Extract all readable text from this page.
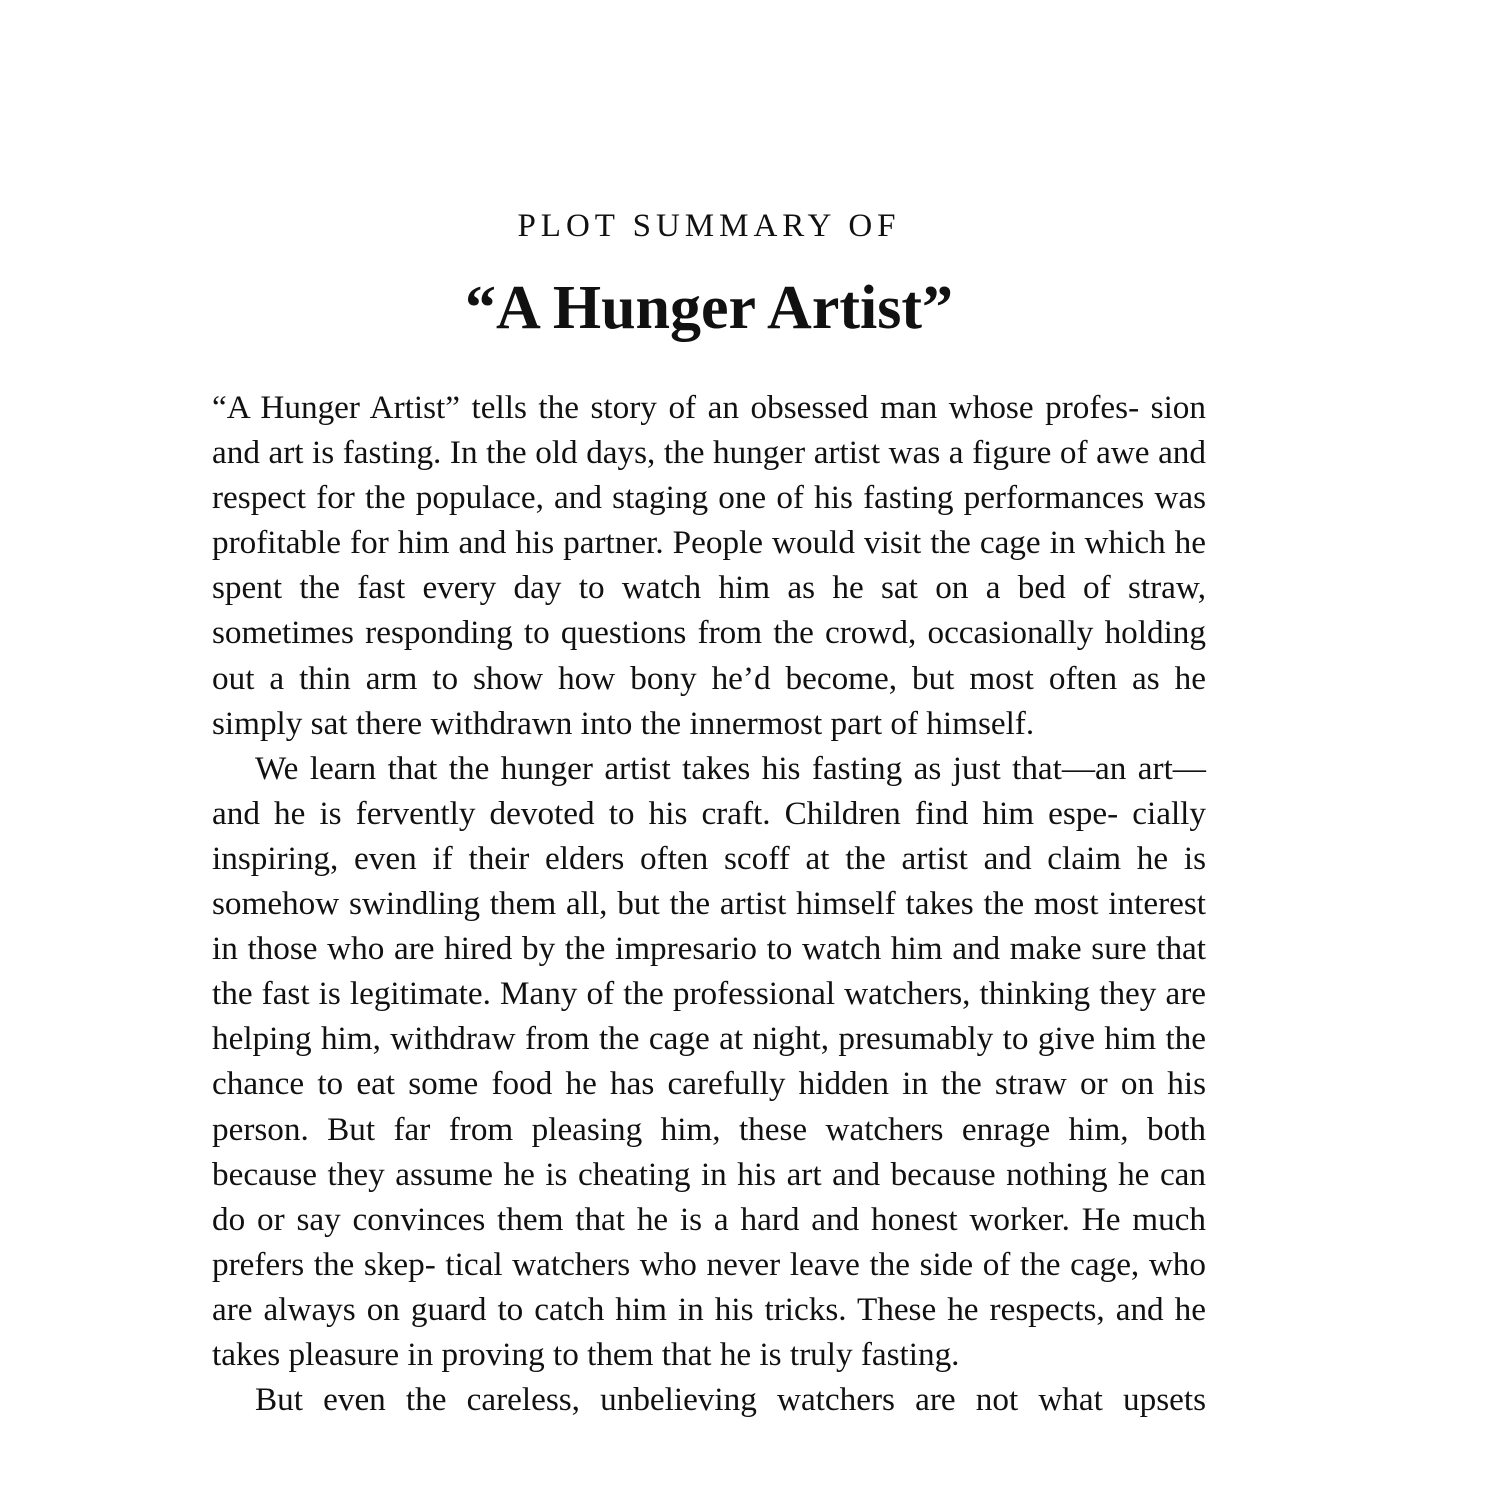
PLOT SUMMARY OF
“A Hunger Artist”

“A Hunger Artist” tells the story of an obsessed man whose profes- sion and art is fasting. In the old days, the hunger artist was a figure of awe and respect for the populace, and staging one of his fasting performances was profitable for him and his partner. People would visit the cage in which he spent the fast every day to watch him as he sat on a bed of straw, sometimes responding to questions from the crowd, occasionally holding out a thin arm to show how bony he’d become, but most often as he simply sat there withdrawn into the innermost part of himself.

We learn that the hunger artist takes his fasting as just that—an art—and he is fervently devoted to his craft. Children find him espe- cially inspiring, even if their elders often scoff at the artist and claim he is somehow swindling them all, but the artist himself takes the most interest in those who are hired by the impresario to watch him and make sure that the fast is legitimate. Many of the professional watchers, thinking they are helping him, withdraw from the cage at night, presumably to give him the chance to eat some food he has carefully hidden in the straw or on his person. But far from pleasing him, these watchers enrage him, both because they assume he is cheating in his art and because nothing he can do or say convinces them that he is a hard and honest worker. He much prefers the skep- tical watchers who never leave the side of the cage, who are always on guard to catch him in his tricks. These he respects, and he takes pleasure in proving to them that he is truly fasting.

But even the careless, unbelieving watchers are not what upsets
